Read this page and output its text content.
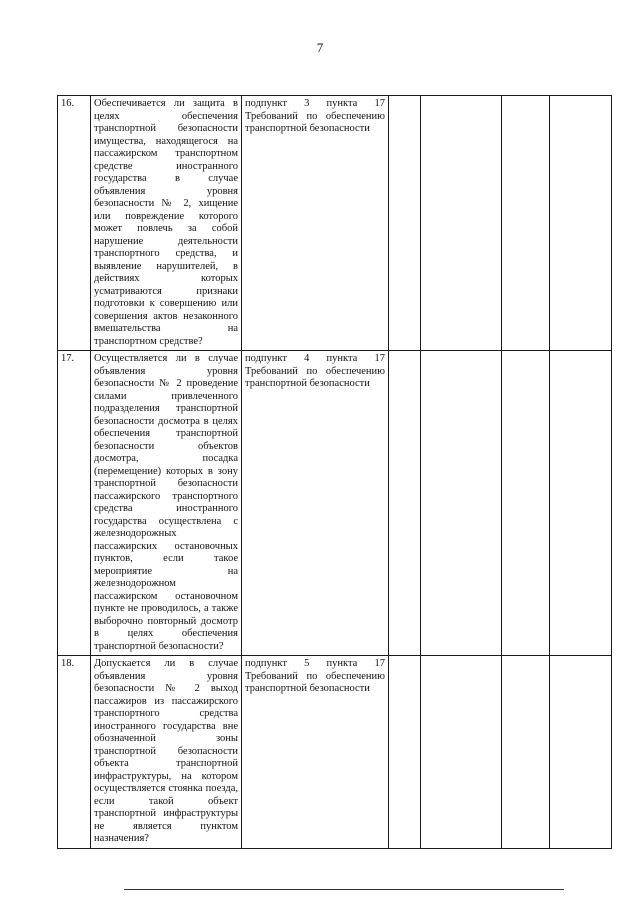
7
16.	Обеспечивается ли защита в целях обеспечения транспортной безопасности имущества, находящегося на пассажирском транспортном средстве иностранного государства в случае объявления уровня безопасности № 2, хищение или повреждение которого может повлечь за собой нарушение деятельности транспортного средства, и выявление нарушителей, в действиях которых усматриваются признаки подготовки к совершению или совершения актов незаконного вмешательства на транспортном средстве?	подпункт 3 пункта 17 Требований по обеспечению транспортной безопасности				
17.	Осуществляется ли в случае объявления уровня безопасности № 2 проведение силами привлеченного подразделения транспортной безопасности досмотра в целях обеспечения транспортной безопасности объектов досмотра, посадка (перемещение) которых в зону транспортной безопасности пассажирского транспортного средства иностранного государства осуществлена с железнодорожных пассажирских остановочных пунктов, если такое мероприятие на железнодорожном пассажирском остановочном пункте не проводилось, а также выборочно повторный досмотр в целях обеспечения транспортной безопасности?	подпункт 4 пункта 17 Требований по обеспечению транспортной безопасности				
18.	Допускается ли в случае объявления уровня безопасности № 2 выход пассажиров из пассажирского транспортного средства иностранного государства вне обозначенной зоны транспортной безопасности объекта транспортной инфраструктуры, на котором осуществляется стоянка поезда, если такой объект транспортной инфраструктуры не является пунктом назначения?	подпункт 5 пункта 17 Требований по обеспечению транспортной безопасности				
